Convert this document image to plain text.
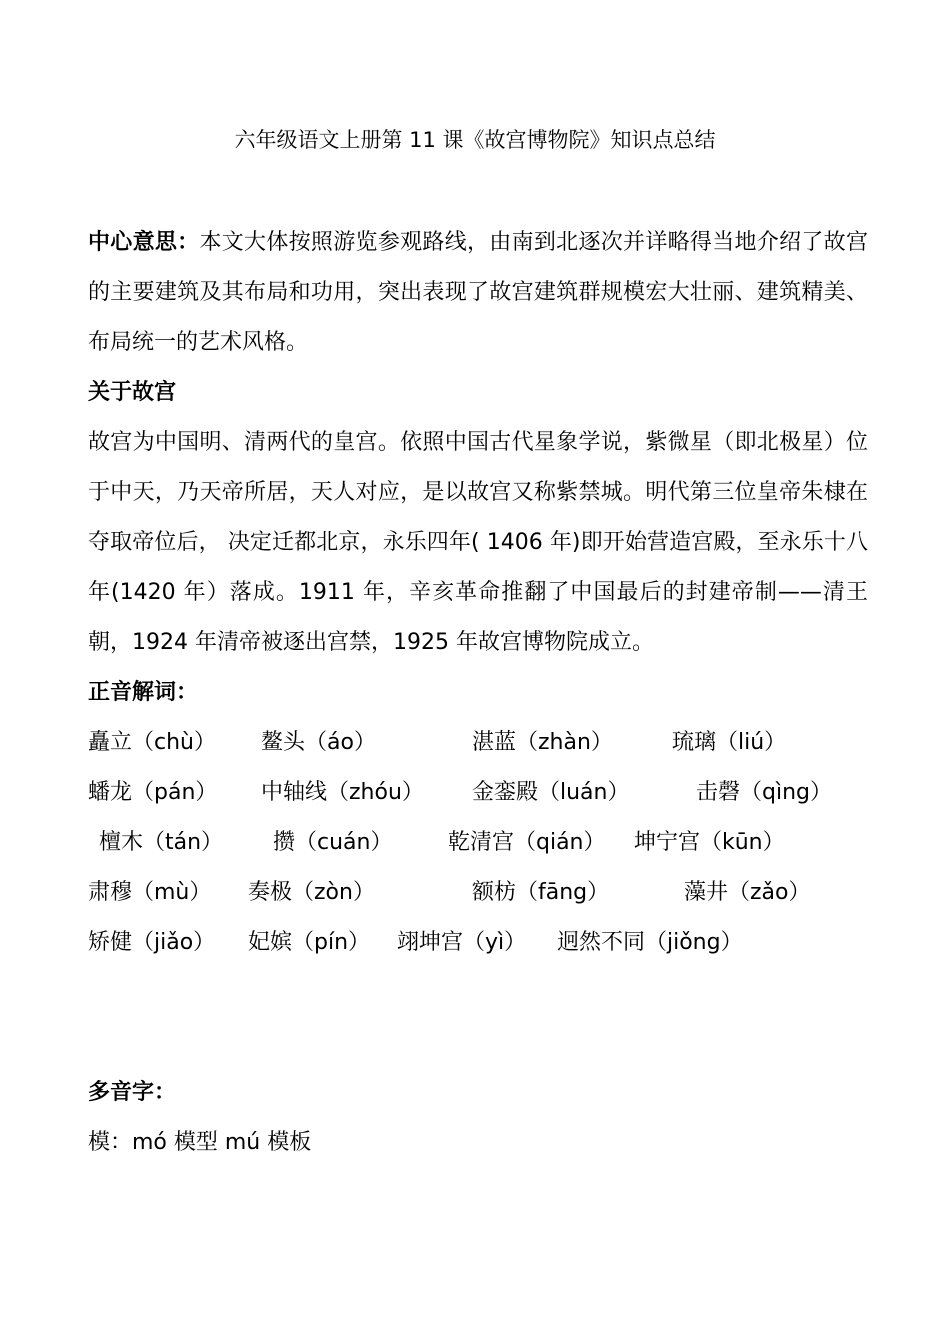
六年级语文上册第 11 课《故宫博物院》知识点总结

中心意思：本文大体按照游览参观路线，由南到北逐次并详略得当地介绍了故宫的主要建筑及其布局和功用，突出表现了故宫建筑群规模宏大壮丽、建筑精美、布局统一的艺术风格。

关于故宫

故宫为中国明、清两代的皇宫。依照中国古代星象学说，紫微星（即北极星）位于中天，乃天帝所居，天人对应，是以故宫又称紫禁城。明代第三位皇帝朱棣在夺取帝位后， 决定迁都北京，永乐四年( 1406 年)即开始营造宫殿，至永乐十八年(1420 年）落成。1911 年，辛亥革命推翻了中国最后的封建帝制——清王朝，1924 年清帝被逐出宫禁，1925 年故宫博物院成立。

正音解词：

矗立（chù） 鳌头（áo）	湛蓝（zhàn）	琉璃（liú）
蟠龙（pán） 中轴线（zhóu） 金銮殿（luán）	击磬（qìng）
檀木（tán） 攒（cuán）	乾清宫（qián） 坤宁宫（kūn）
肃穆（mù） 奏极（zòn）	额枋（fāng）	藻井（zǎo）
矫健（jiǎo） 妃嫔（pín） 翊坤宫（yì） 迥然不同（jiǒng）

多音字：

模：mó 模型 mú 模板
